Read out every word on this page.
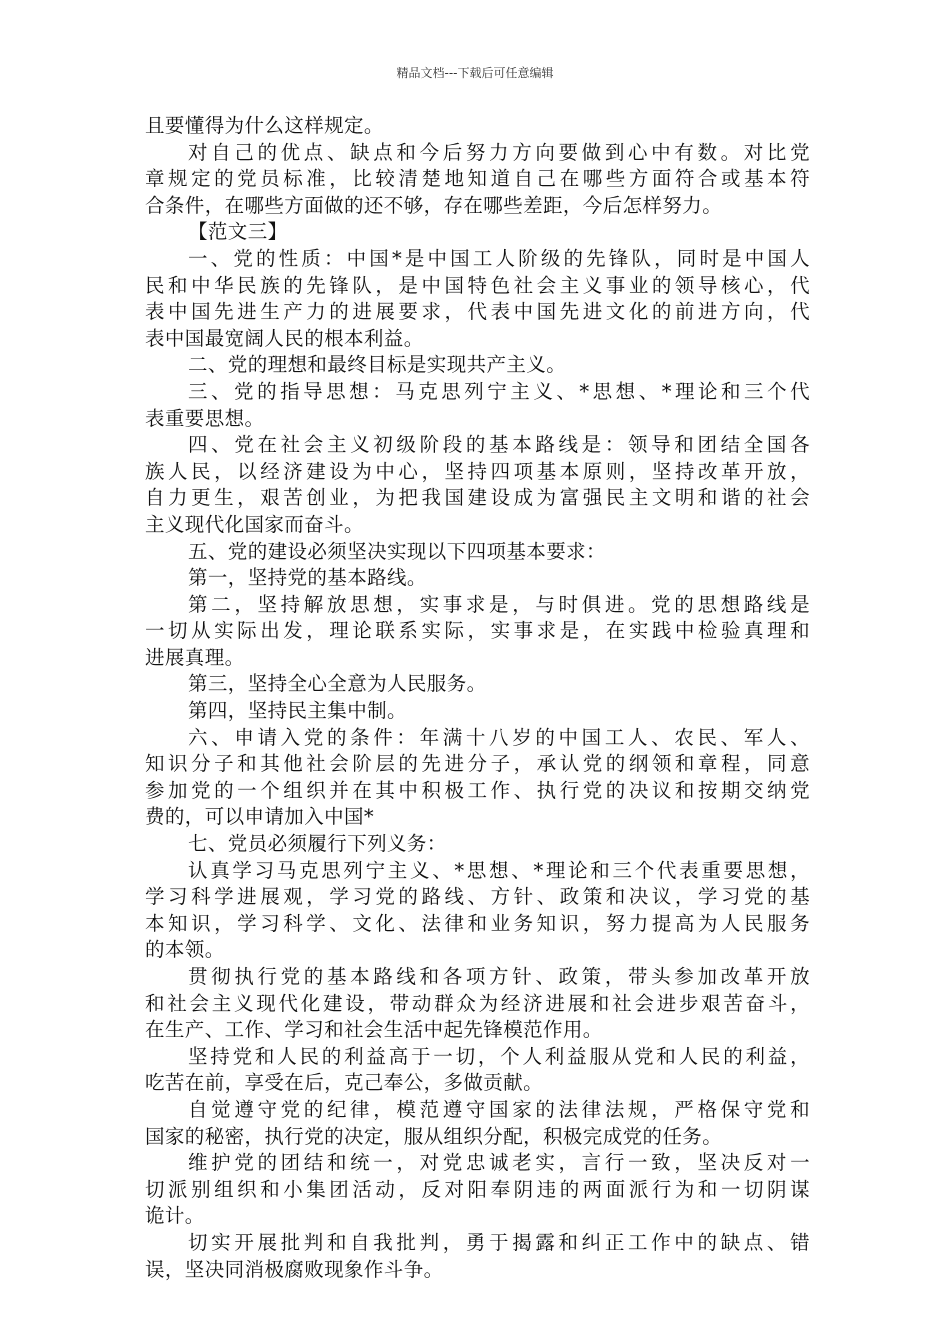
精品文档---下载后可任意编辑
且要懂得为什么这样规定。
对自己的优点、缺点和今后努力方向要做到心中有数。对比党
章规定的党员标准，比较清楚地知道自己在哪些方面符合或基本符
合条件，在哪些方面做的还不够，存在哪些差距，今后怎样努力。
【范文三】
一、党的性质：中国*是中国工人阶级的先锋队，同时是中国人
民和中华民族的先锋队，是中国特色社会主义事业的领导核心，代
表中国先进生产力的进展要求，代表中国先进文化的前进方向，代
表中国最宽阔人民的根本利益。
二、党的理想和最终目标是实现共产主义。
三、党的指导思想：马克思列宁主义、*思想、*理论和三个代
表重要思想。
四、党在社会主义初级阶段的基本路线是：领导和团结全国各
族人民，以经济建设为中心，坚持四项基本原则，坚持改革开放，
自力更生，艰苦创业，为把我国建设成为富强民主文明和谐的社会
主义现代化国家而奋斗。
五、党的建设必须坚决实现以下四项基本要求：
第一，坚持党的基本路线。
第二，坚持解放思想，实事求是，与时俱进。党的思想路线是
一切从实际出发，理论联系实际，实事求是，在实践中检验真理和
进展真理。
第三，坚持全心全意为人民服务。
第四，坚持民主集中制。
六、申请入党的条件：年满十八岁的中国工人、农民、军人、
知识分子和其他社会阶层的先进分子，承认党的纲领和章程，同意
参加党的一个组织并在其中积极工作、执行党的决议和按期交纳党
费的，可以申请加入中国*
七、党员必须履行下列义务：
认真学习马克思列宁主义、*思想、*理论和三个代表重要思想，
学习科学进展观，学习党的路线、方针、政策和决议，学习党的基
本知识，学习科学、文化、法律和业务知识，努力提高为人民服务
的本领。
贯彻执行党的基本路线和各项方针、政策，带头参加改革开放
和社会主义现代化建设，带动群众为经济进展和社会进步艰苦奋斗，
在生产、工作、学习和社会生活中起先锋模范作用。
坚持党和人民的利益高于一切，个人利益服从党和人民的利益，
吃苦在前，享受在后，克己奉公，多做贡献。
自觉遵守党的纪律，模范遵守国家的法律法规，严格保守党和
国家的秘密，执行党的决定，服从组织分配，积极完成党的任务。
维护党的团结和统一，对党忠诚老实，言行一致，坚决反对一
切派别组织和小集团活动，反对阳奉阴违的两面派行为和一切阴谋
诡计。
切实开展批判和自我批判，勇于揭露和纠正工作中的缺点、错
误，坚决同消极腐败现象作斗争。
